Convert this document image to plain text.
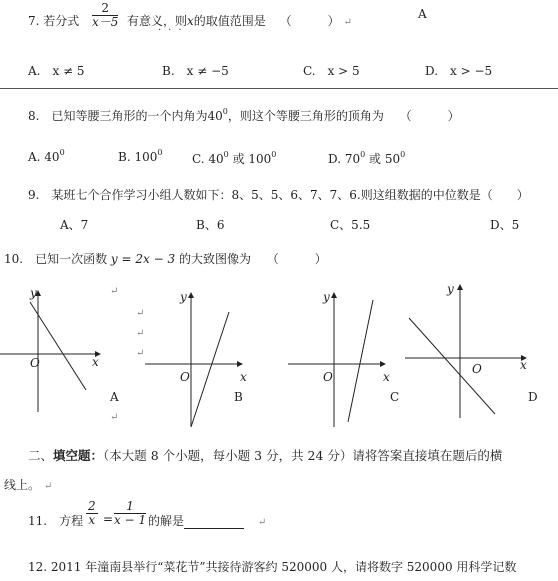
7. 若分式 $\frac{2}{x-5}$ 有意义，则x的取值范围是 （　　　） ↵
···
A
A.　x ≠ 5	B.　x ≠ −5	C.　x > 5	D.　x > −5
8.　已知等腰三角形的一个内角为$40^0$，则这个等腰三角形的顶角为 （　　　）
A. $40^0$	B. $100^0$ C. $40^0$ 或 $100^0$	D. $70^0$ 或 $50^0$
9.　某班七个合作学习小组人数如下：8、5、5、6、7、7、6.则这组数据的中位数是（　　）
A、7	B、6	C、5.5	D、5
10.　已知一次函数 y = 2x − 3 的大致图像为 （　　　）
y
x
O
A
↵
↵
↵
↵
↵
y
x
O
B
y
x
O
C
y
x
O
D
二、填空题：（本大题 8 个小题，每小题 3 分，共 24 分）请将答案直接填在题后的横
线上。 ↵
11.　方程 $\frac{2}{x} = \frac{1}{x - 1}$ 的解是	↵
12. 2011 年潼南县举行“菜花节”共接待游客约 520000 人，请将数字 520000 用科学记数
